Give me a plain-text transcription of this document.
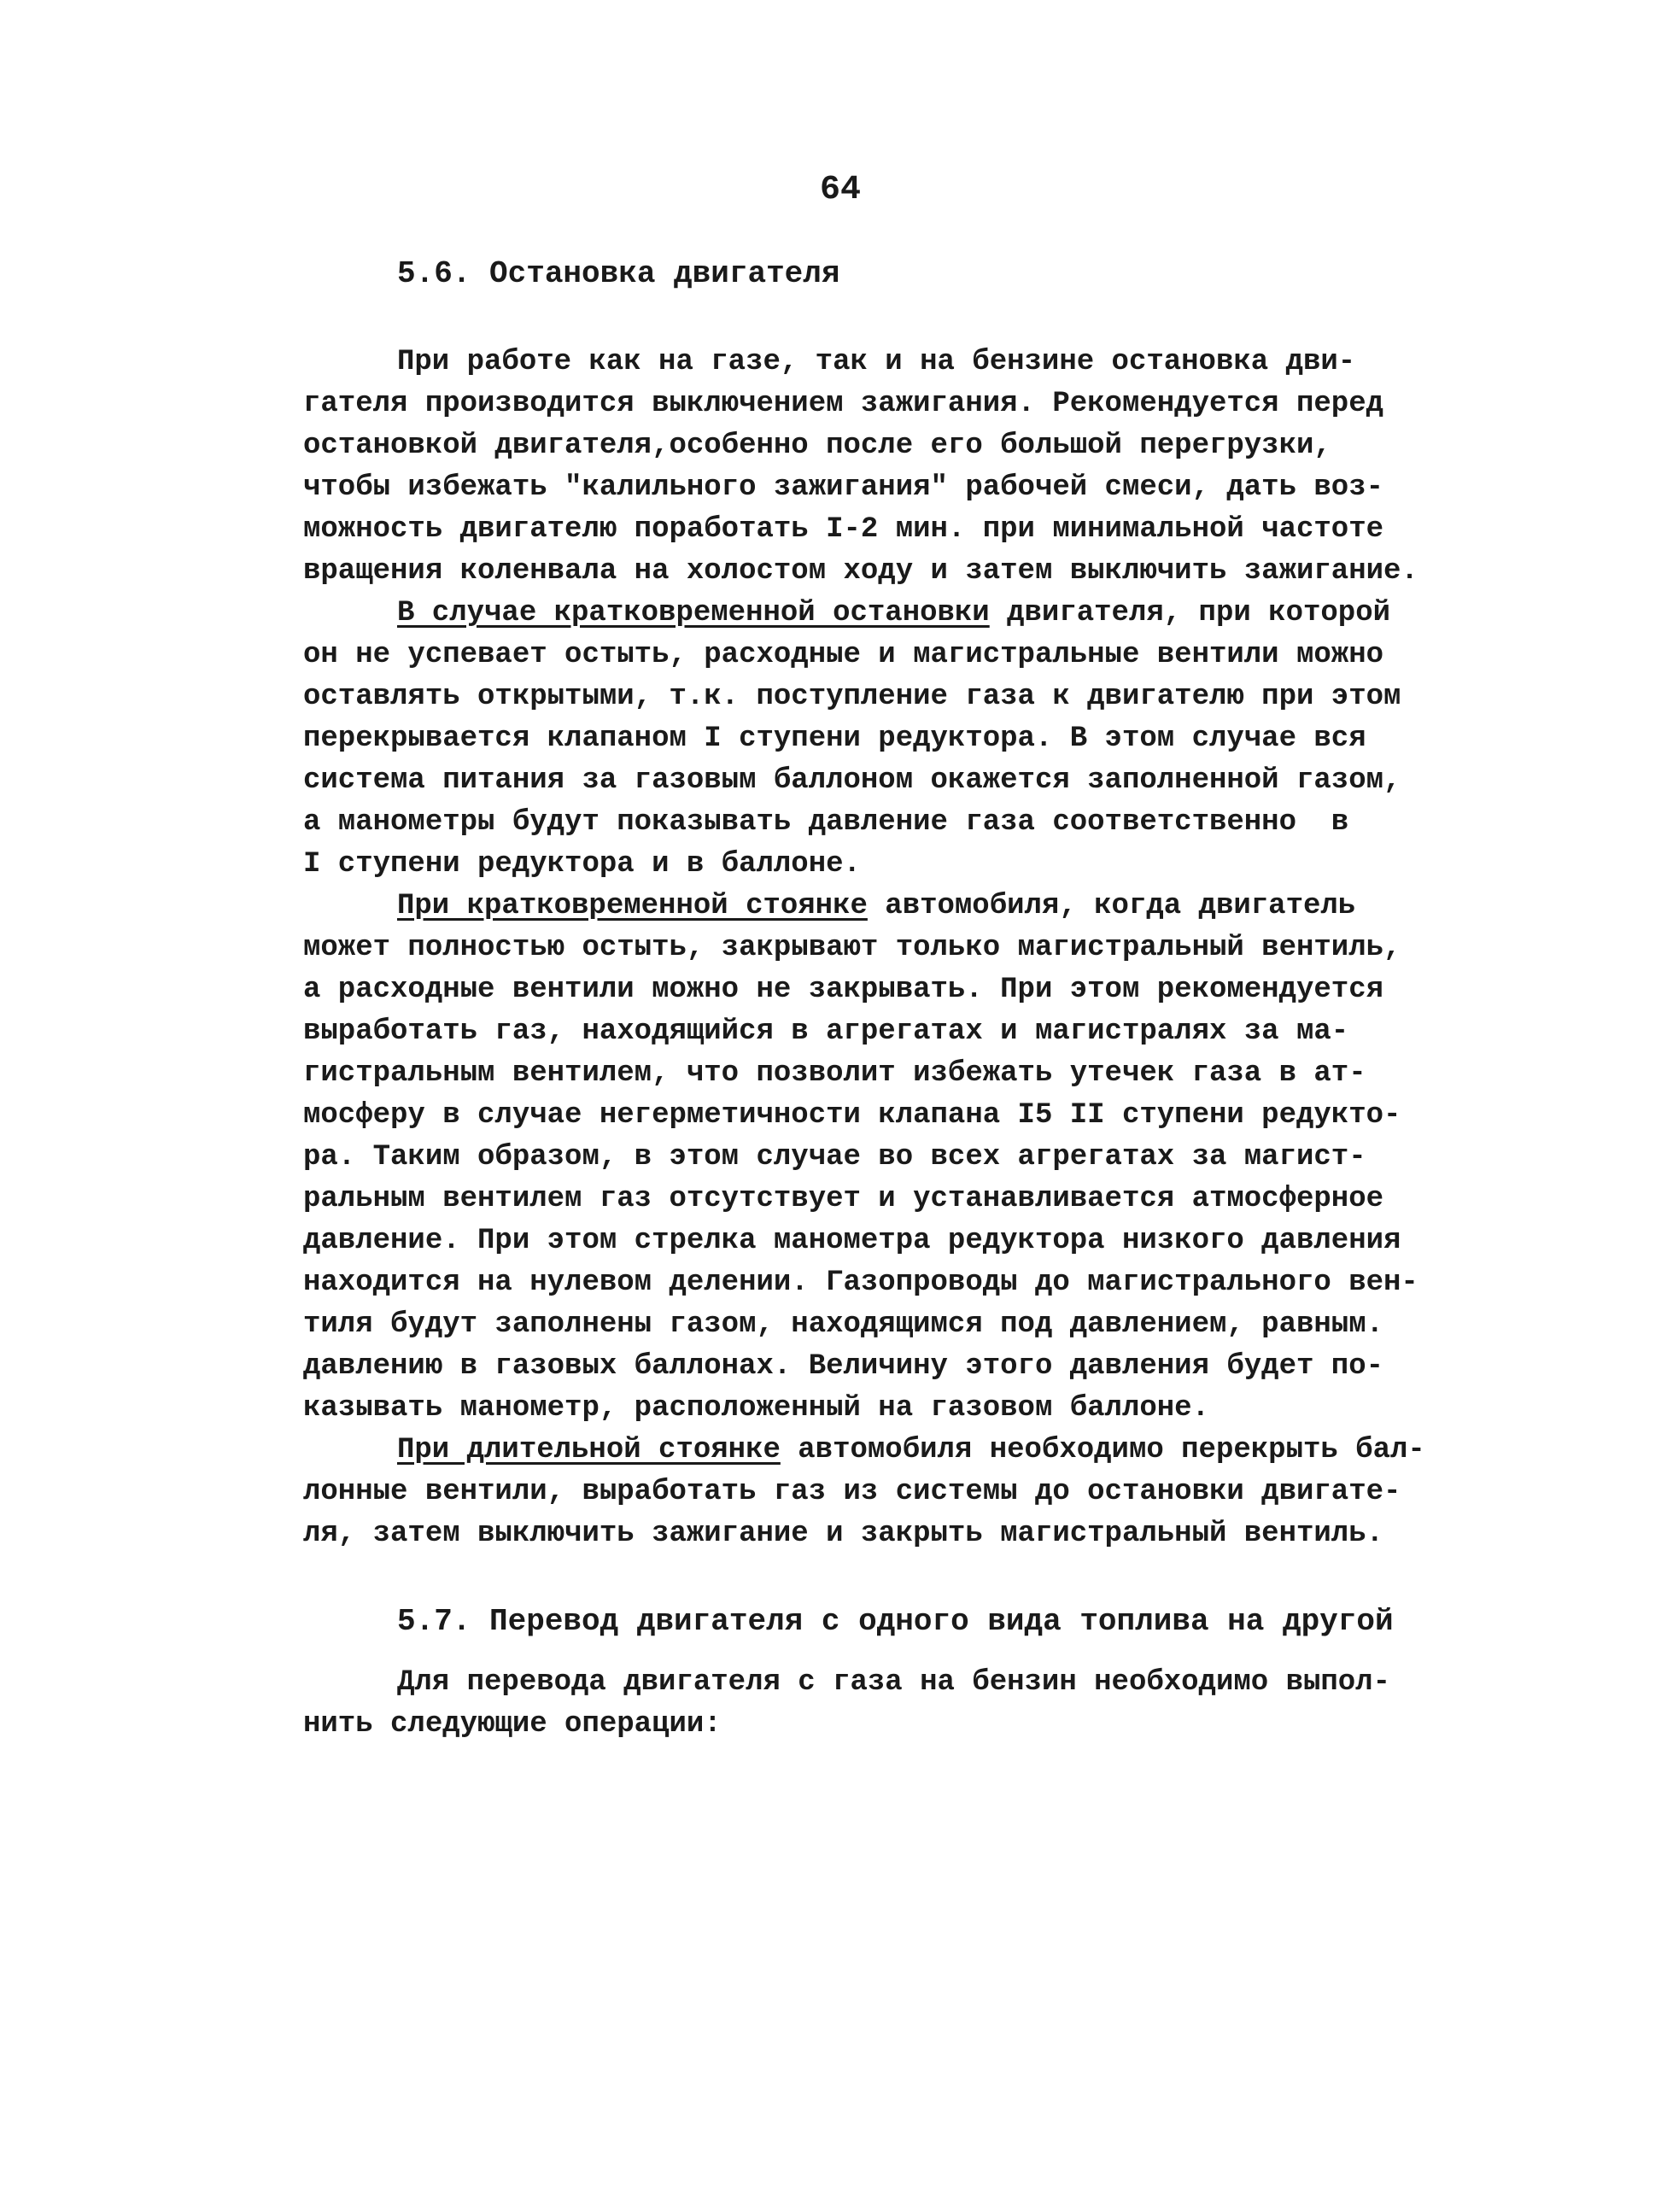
64
5.6. Остановка двигателя
При работе как на газе, так и на бензине остановка дви-
гателя производится выключением зажигания. Рекомендуется перед
остановкой двигателя,особенно после его большой перегрузки,
чтобы избежать "калильного зажигания" рабочей смеси, дать воз-
можность двигателю поработать I-2 мин. при минимальной частоте
вращения коленвала на холостом ходу и затем выключить зажигание.
В случае кратковременной остановки двигателя, при которой
он не успевает остыть, расходные и магистральные вентили можно
оставлять открытыми, т.к. поступление газа к двигателю при этом
перекрывается клапаном I ступени редуктора. В этом случае вся
система питания за газовым баллоном окажется заполненной газом,
а манометры будут показывать давление газа соответственно  в
I ступени редуктора и в баллоне.
При кратковременной стоянке автомобиля, когда двигатель
может полностью остыть, закрывают только магистральный вентиль,
а расходные вентили можно не закрывать. При этом рекомендуется
выработать газ, находящийся в агрегатах и магистралях за ма-
гистральным вентилем, что позволит избежать утечек газа в ат-
мосферу в случае негерметичности клапана I5 II ступени редукто-
ра. Таким образом, в этом случае во всех агрегатах за магист-
ральным вентилем газ отсутствует и устанавливается атмосферное
давление. При этом стрелка манометра редуктора низкого давления
находится на нулевом делении. Газопроводы до магистрального вен-
тиля будут заполнены газом, находящимся под давлением, равным.
давлению в газовых баллонах. Величину этого давления будет по-
казывать манометр, расположенный на газовом баллоне.
При длительной стоянке автомобиля необходимо перекрыть бал-
лонные вентили, выработать газ из системы до остановки двигате-
ля, затем выключить зажигание и закрыть магистральный вентиль.
5.7. Перевод двигателя с одного вида топлива на другой
Для перевода двигателя с газа на бензин необходимо выпол-
нить следующие операции:
